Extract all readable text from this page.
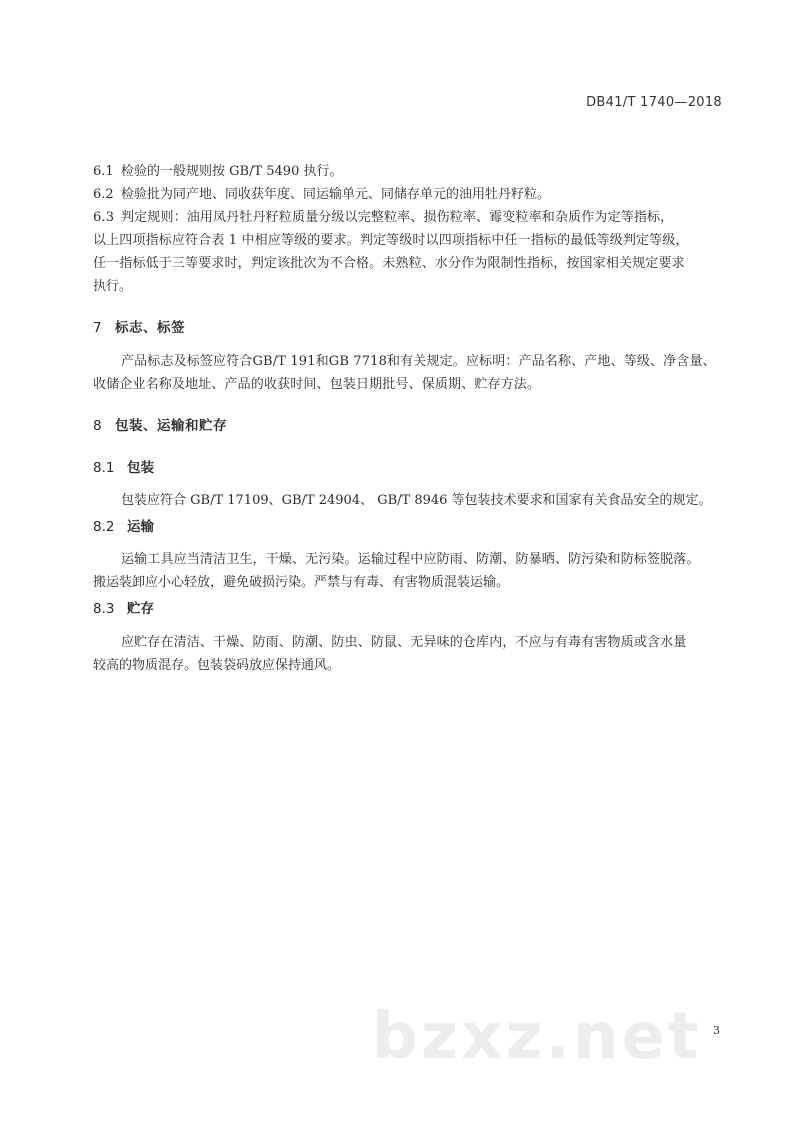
DB41/T 1740—2018
6.1 检验的一般规则按 GB/T 5490 执行。
6.2 检验批为同产地、同收获年度、同运输单元、同储存单元的油用牡丹籽粒。
6.3 判定规则：油用凤丹牡丹籽粒质量分级以完整粒率、损伤粒率、霉变粒率和杂质作为定等指标，
以上四项指标应符合表 1 中相应等级的要求。判定等级时以四项指标中任一指标的最低等级判定等级，
任一指标低于三等要求时，判定该批次为不合格。未熟粒、水分作为限制性指标，按国家相关规定要求
执行。
7 标志、标签
产品标志及标签应符合GB/T 191和GB 7718和有关规定。应标明：产品名称、产地、等级、净含量、
收储企业名称及地址、产品的收获时间、包装日期批号、保质期、贮存方法。
8 包装、运输和贮存
8.1 包装
包装应符合 GB/T 17109、GB/T 24904、 GB/T 8946 等包装技术要求和国家有关食品安全的规定。
8.2 运输
运输工具应当清洁卫生，干燥、无污染。运输过程中应防雨、防潮、防暴晒、防污染和防标签脱落。
搬运装卸应小心轻放，避免破损污染。严禁与有毒、有害物质混装运输。
8.3 贮存
应贮存在清洁、干燥、防雨、防潮、防虫、防鼠、无异味的仓库内，不应与有毒有害物质或含水量
较高的物质混存。包装袋码放应保持通风。
bzxz.net 3
